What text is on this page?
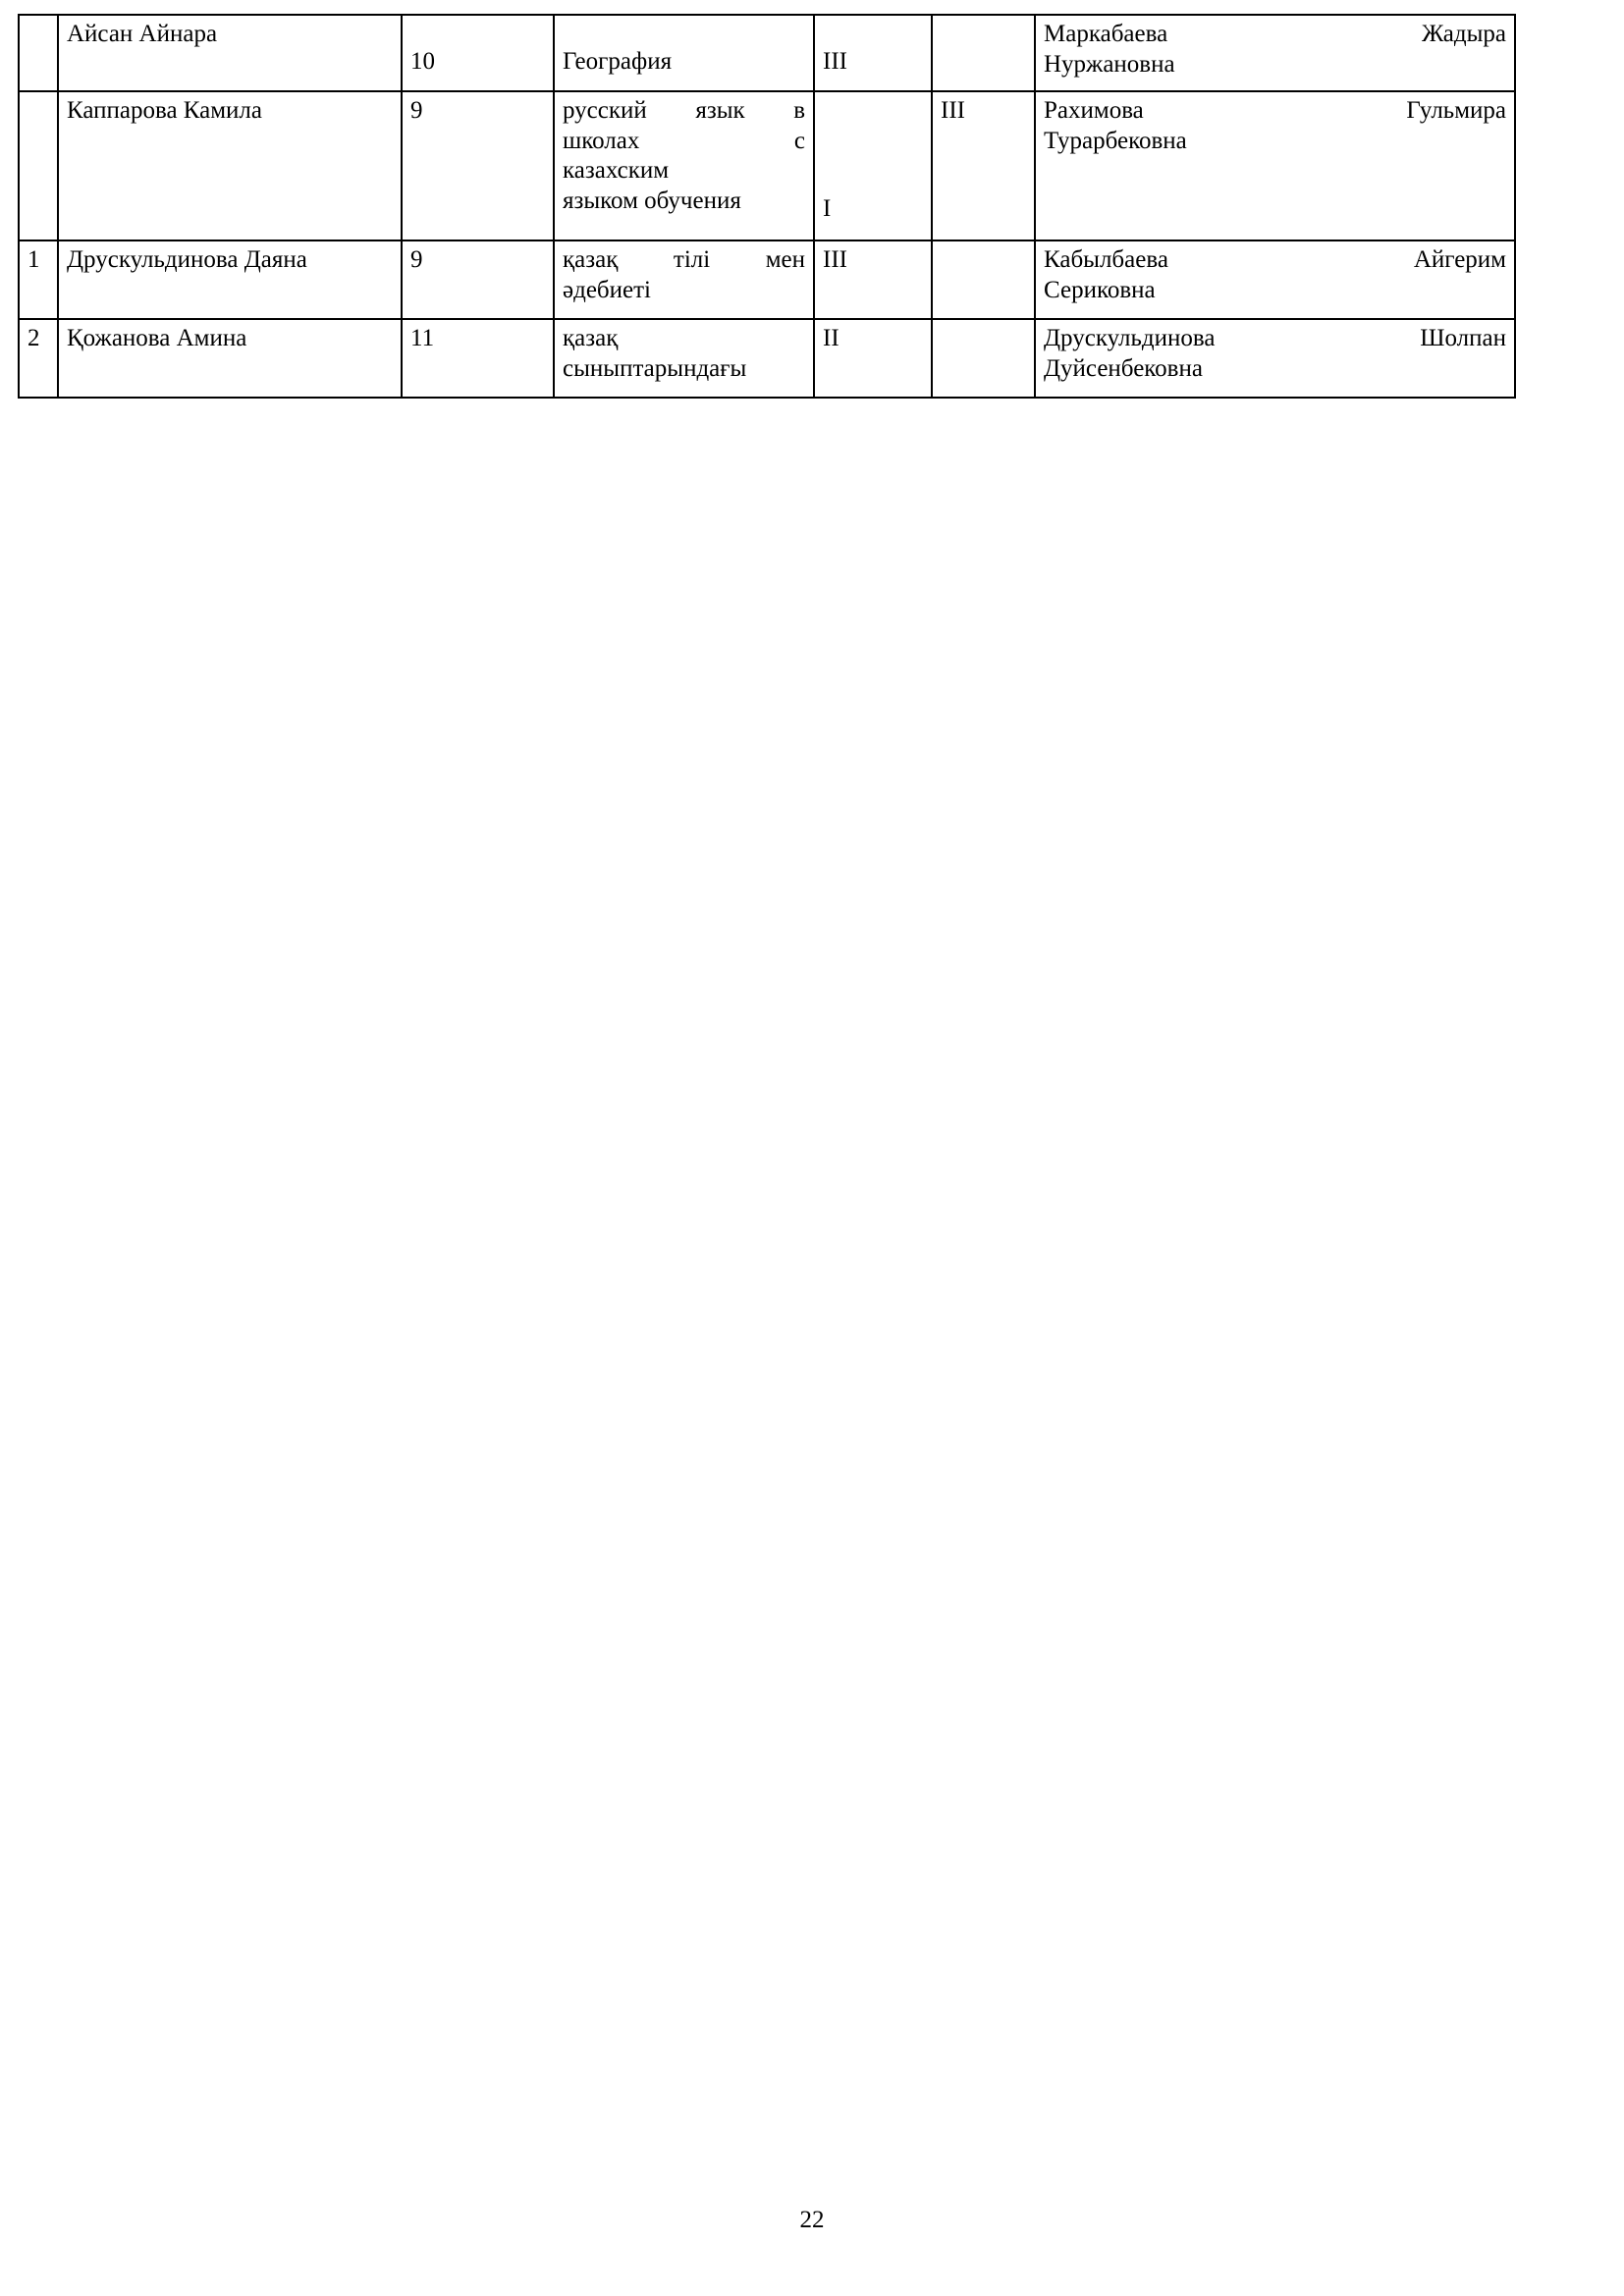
	Айсан Айнара	10	География	III		Маркабаева Жадыра
Нуржановна

	Каппарова Камила	9	русский язык в
школах с
казахским
языком обучения	I	III	Рахимова Гульмира
Турарбековна

1	Друскульдинова Даяна	9	қазақ тілі мен
әдебиеті	III		Кабылбаева Айгерим
Сериковна

2	Қожанова Амина	11	қазақ
сыныптарындағы	II		Друскульдинова Шолпан
Дуйсенбековна
22
